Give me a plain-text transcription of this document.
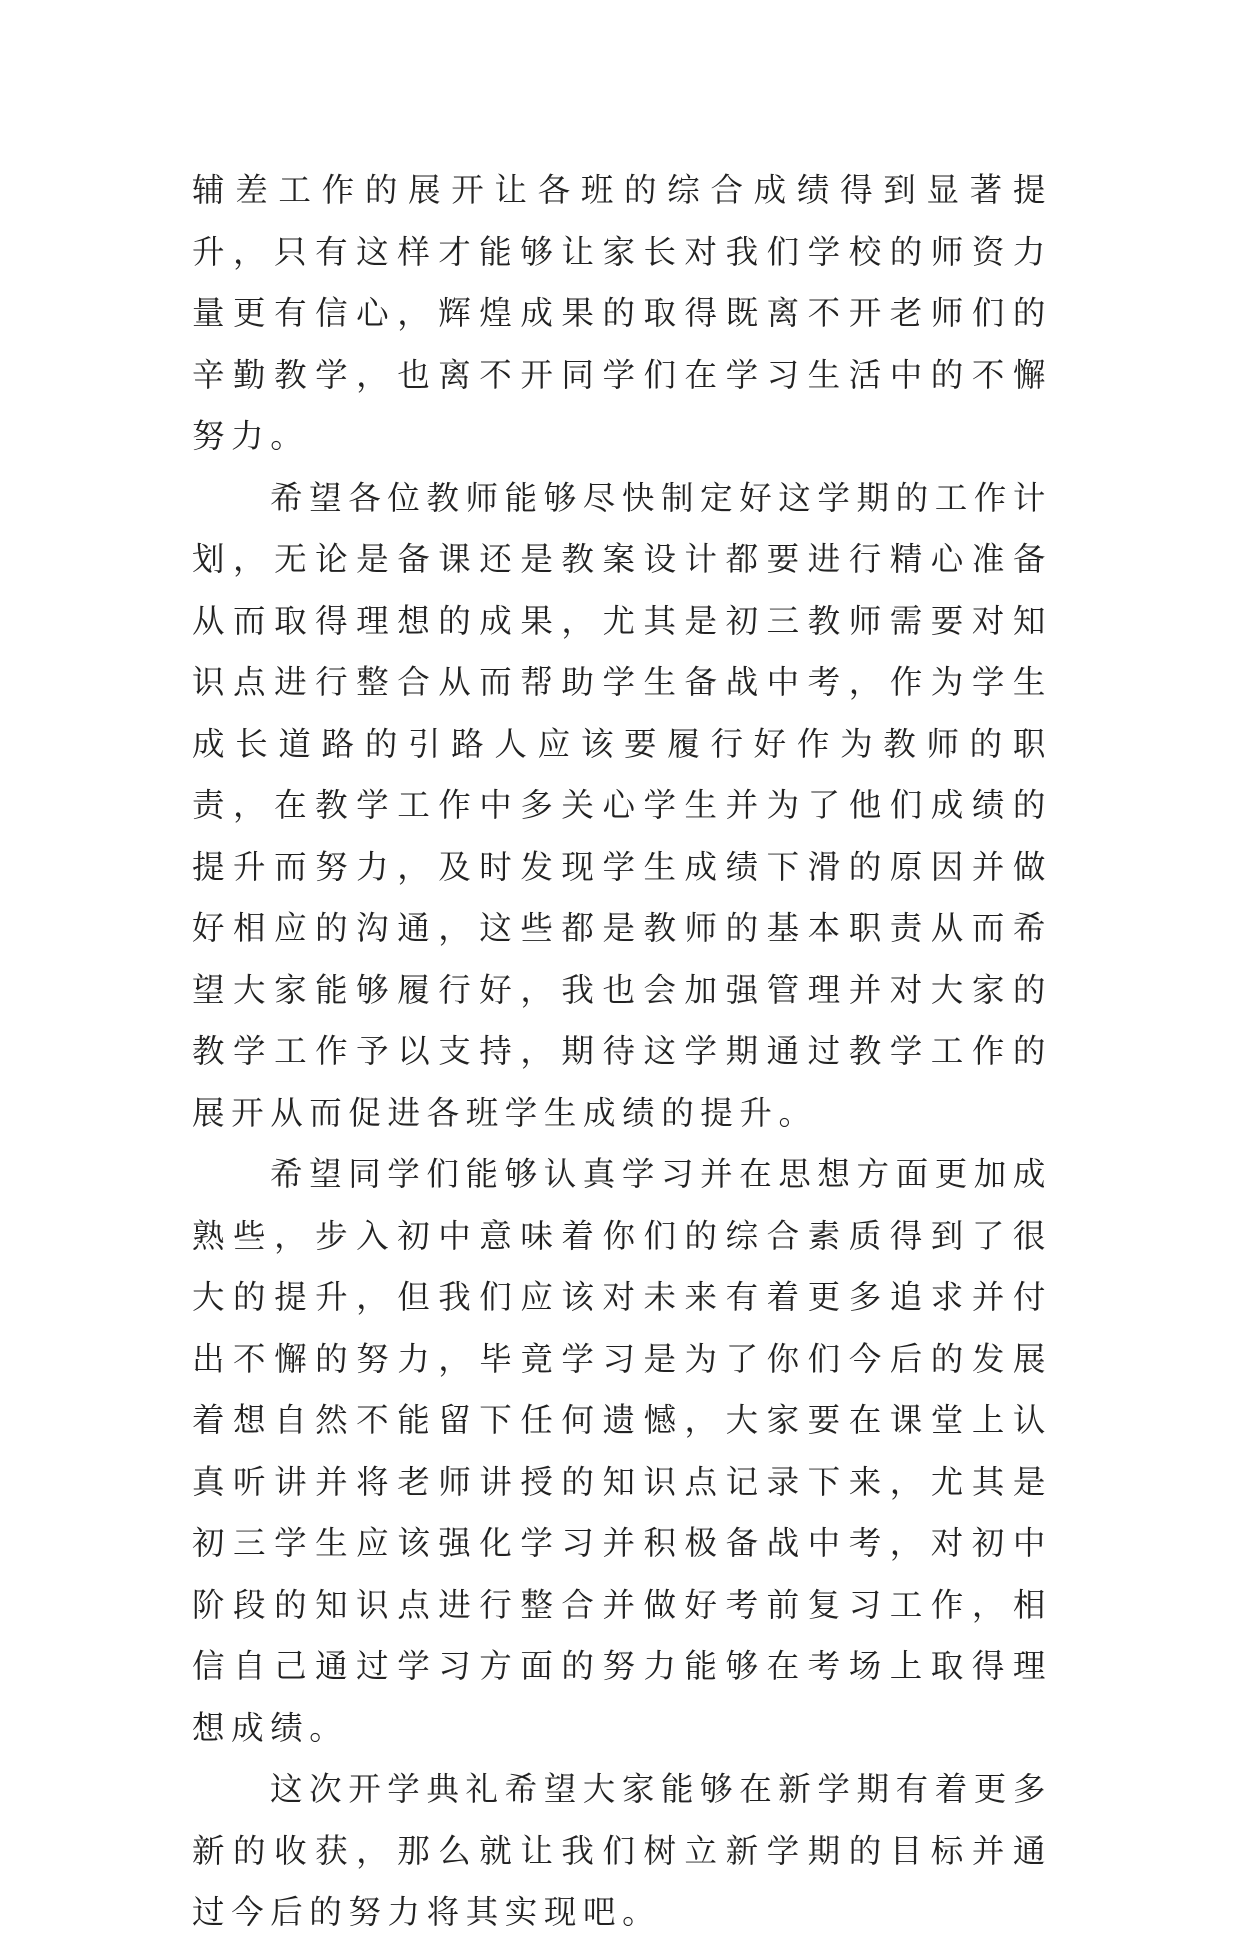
辅差工作的展开让各班的综合成绩得到显著提升，只有这样才能够让家长对我们学校的师资力量更有信心，辉煌成果的取得既离不开老师们的辛勤教学，也离不开同学们在学习生活中的不懈努力。

希望各位教师能够尽快制定好这学期的工作计划，无论是备课还是教案设计都要进行精心准备从而取得理想的成果，尤其是初三教师需要对知识点进行整合从而帮助学生备战中考，作为学生成长道路的引路人应该要履行好作为教师的职责，在教学工作中多关心学生并为了他们成绩的提升而努力，及时发现学生成绩下滑的原因并做好相应的沟通，这些都是教师的基本职责从而希望大家能够履行好，我也会加强管理并对大家的教学工作予以支持，期待这学期通过教学工作的展开从而促进各班学生成绩的提升。

希望同学们能够认真学习并在思想方面更加成熟些，步入初中意味着你们的综合素质得到了很大的提升，但我们应该对未来有着更多追求并付出不懈的努力，毕竟学习是为了你们今后的发展着想自然不能留下任何遗憾，大家要在课堂上认真听讲并将老师讲授的知识点记录下来，尤其是初三学生应该强化学习并积极备战中考，对初中阶段的知识点进行整合并做好考前复习工作，相信自己通过学习方面的努力能够在考场上取得理想成绩。

这次开学典礼希望大家能够在新学期有着更多新的收获，那么就让我们树立新学期的目标并通过今后的努力将其实现吧。
